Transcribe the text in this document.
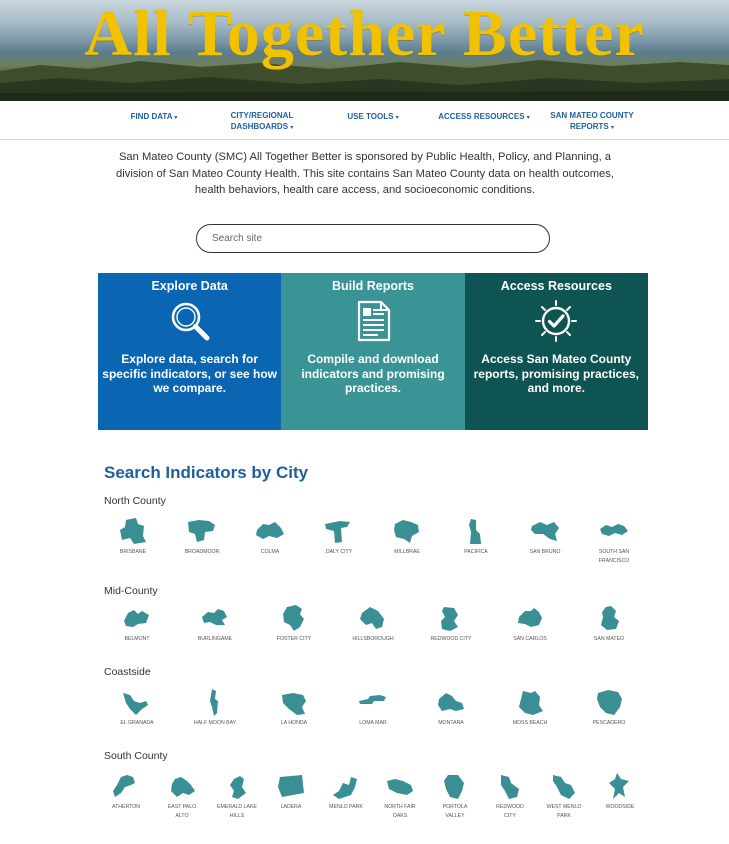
All Together Better
FIND DATA ▾	CITY/REGIONAL
DASHBOARDS ▾
USE TOOLS ▾	ACCESS RESOURCES ▾	SAN MATEO COUNTY
REPORTS ▾

San Mateo County (SMC) All Together Better is sponsored by Public Health, Policy, and Planning, a division of San Mateo County Health. This site contains San Mateo County data on health outcomes, health behaviors, health care access, and socioeconomic conditions.

Search site
Explore Data
Explore data, search for specific indicators, or see how we compare.
Build Reports
Compile and download indicators and promising practices.
Access Resources
Access San Mateo County reports, promising practices, and more.
Search Indicators by City
North County
Mid-County
Coastside
South County
BRISBANE	BROADMOOR	COLMA	DALY CITY	MILLBRAE	PACIFICA	SAN BRUNO	SOUTH SAN FRANCISCO
BELMONT	BURLINGAME	FOSTER CITY	HILLSBOROUGH	REDWOOD CITY	SAN CARLOS	SAN MATEO
EL GRANADA	HALF MOON BAY	LA HONDA	LOMA MAR	MONTARA	MOSS BEACH	PESCADERO
ATHERTON	EAST PALO ALTO
EMERALD LAKE HILLS
LADERA	MENLO PARK	NORTH FAIR OAKS
PORTOLA VALLEY
REDWOOD CITY
WEST MENLO PARK
WOODSIDE
